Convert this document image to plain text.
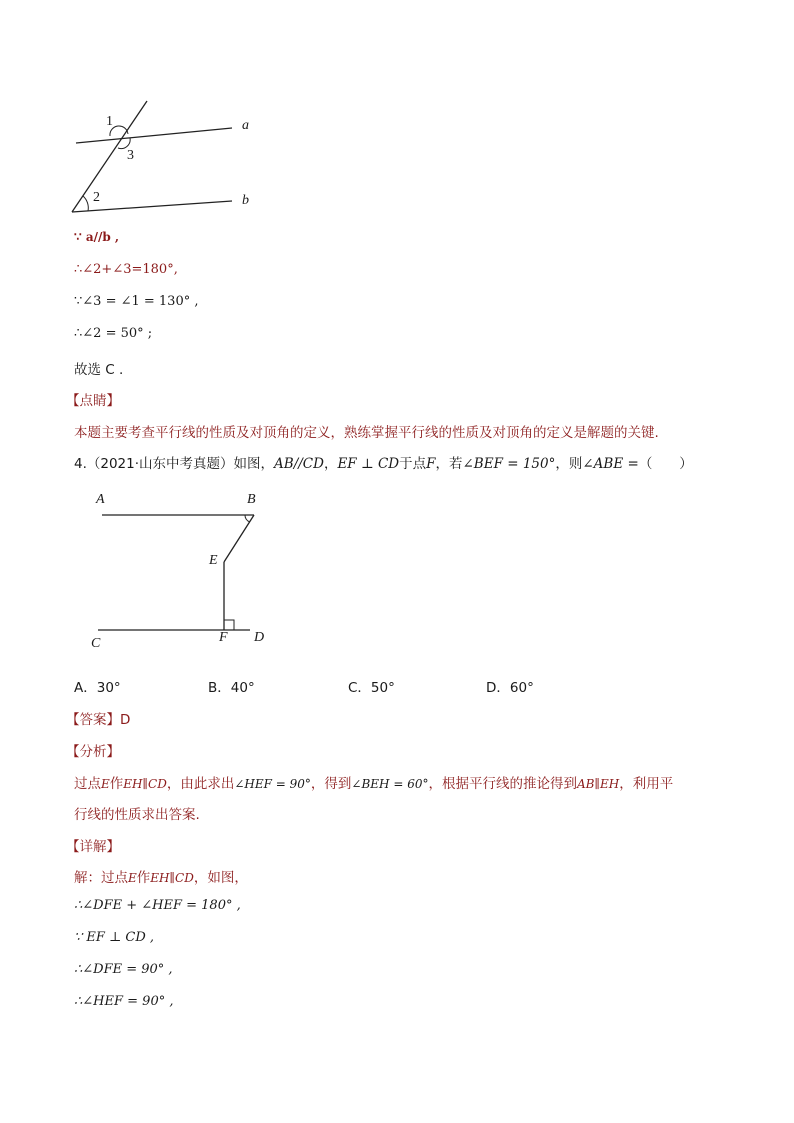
1
3
2
a
b
∵ a//b ,
∴∠2+∠3=180°,
∵∠3 = ∠1 = 130° ,
∴∠2 = 50° ;
故选 C .
【点睛】
本题主要考查平行线的性质及对顶角的定义，熟练掌握平行线的性质及对顶角的定义是解题的关键.
4.（2021·山东中考真题）如图，AB//CD，EF ⊥ CD于点F，若∠BEF = 150°，则∠ABE =（　　）
A	B
E
C	F D
A．30°	B．40°	C．50°	D．60°
【答案】D
【分析】
过点E作EH∥CD，由此求出∠HEF = 90°，得到∠BEH = 60°，根据平行线的推论得到AB∥EH，利用平
行线的性质求出答案.
【详解】
解：过点E作EH∥CD，如图，
∴∠DFE + ∠HEF = 180° ,
∵ EF ⊥ CD ,
∴∠DFE = 90° ,
∴∠HEF = 90° ,
